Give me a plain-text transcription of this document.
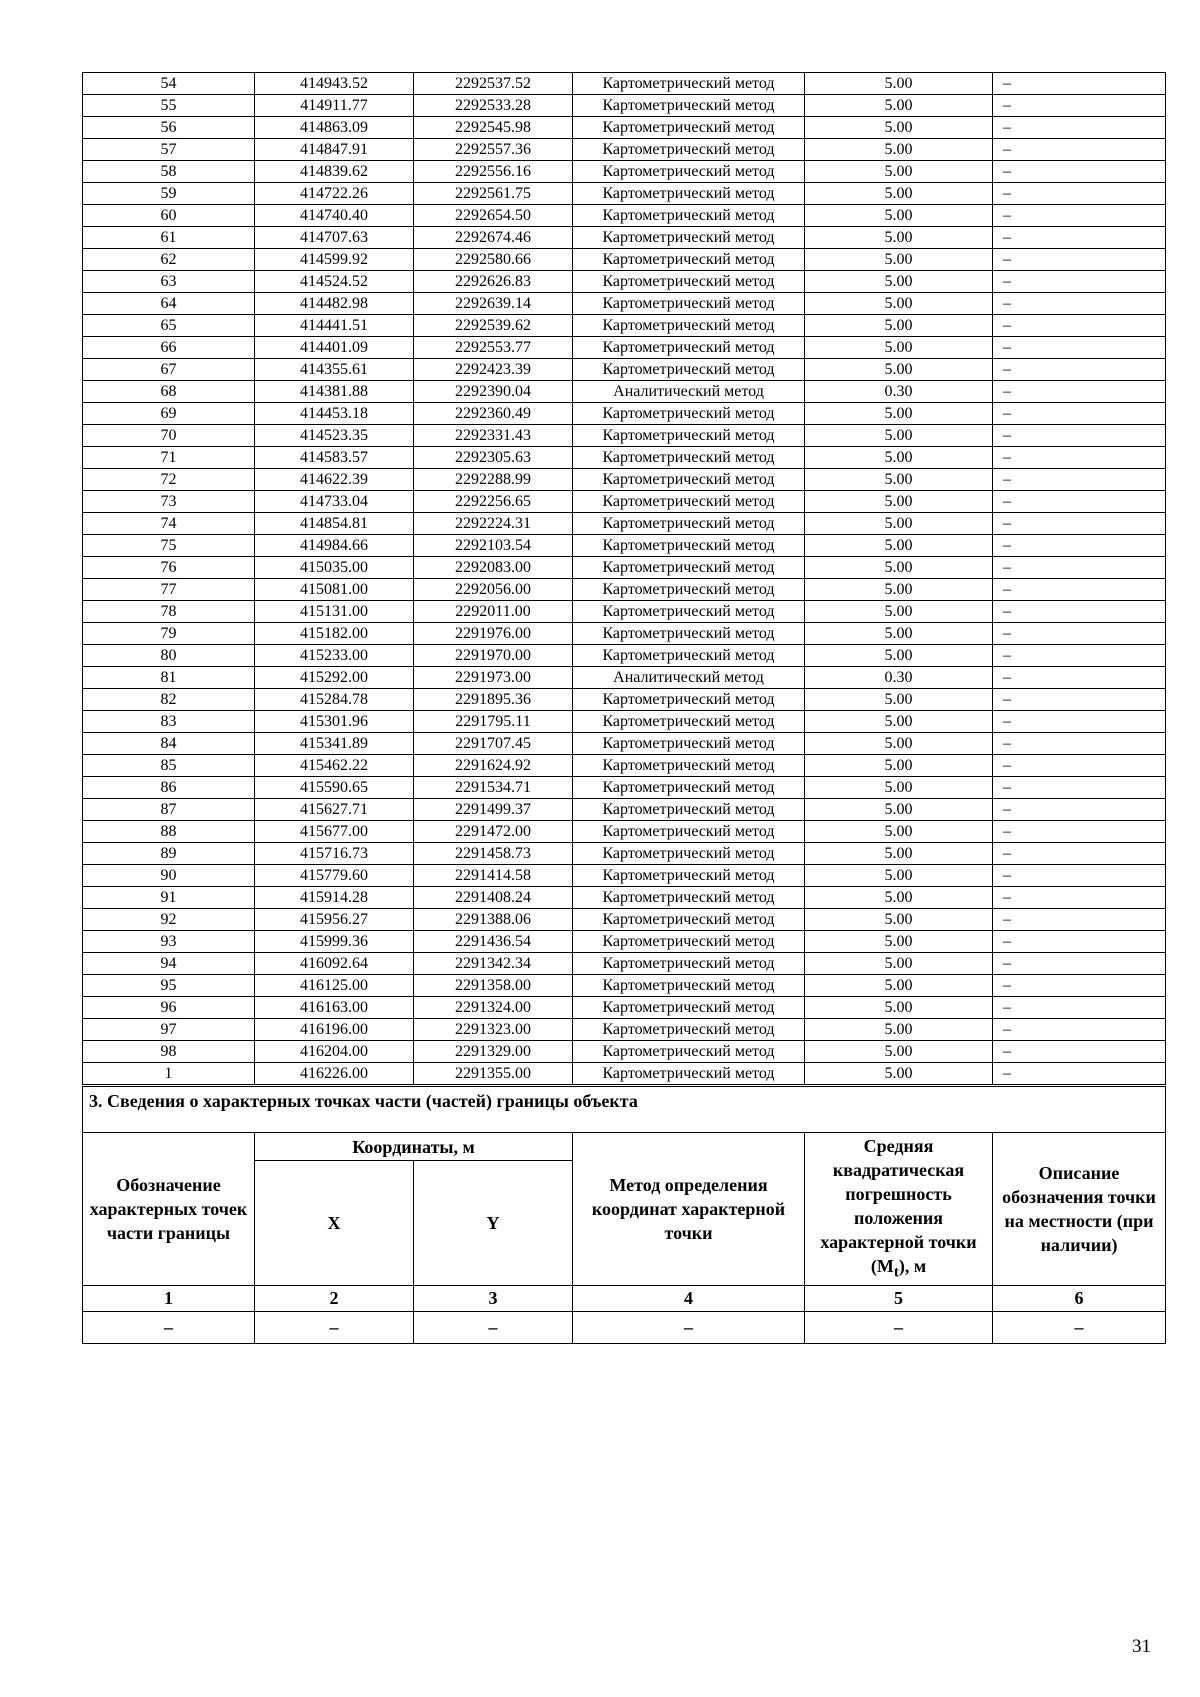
54	414943.52	2292537.52	Картометрический метод	5.00	–
55	414911.77	2292533.28	Картометрический метод	5.00	–
56	414863.09	2292545.98	Картометрический метод	5.00	–
57	414847.91	2292557.36	Картометрический метод	5.00	–
58	414839.62	2292556.16	Картометрический метод	5.00	–
59	414722.26	2292561.75	Картометрический метод	5.00	–
60	414740.40	2292654.50	Картометрический метод	5.00	–
61	414707.63	2292674.46	Картометрический метод	5.00	–
62	414599.92	2292580.66	Картометрический метод	5.00	–
63	414524.52	2292626.83	Картометрический метод	5.00	–
64	414482.98	2292639.14	Картометрический метод	5.00	–
65	414441.51	2292539.62	Картометрический метод	5.00	–
66	414401.09	2292553.77	Картометрический метод	5.00	–
67	414355.61	2292423.39	Картометрический метод	5.00	–
68	414381.88	2292390.04	Аналитический метод	0.30	–
69	414453.18	2292360.49	Картометрический метод	5.00	–
70	414523.35	2292331.43	Картометрический метод	5.00	–
71	414583.57	2292305.63	Картометрический метод	5.00	–
72	414622.39	2292288.99	Картометрический метод	5.00	–
73	414733.04	2292256.65	Картометрический метод	5.00	–
74	414854.81	2292224.31	Картометрический метод	5.00	–
75	414984.66	2292103.54	Картометрический метод	5.00	–
76	415035.00	2292083.00	Картометрический метод	5.00	–
77	415081.00	2292056.00	Картометрический метод	5.00	–
78	415131.00	2292011.00	Картометрический метод	5.00	–
79	415182.00	2291976.00	Картометрический метод	5.00	–
80	415233.00	2291970.00	Картометрический метод	5.00	–
81	415292.00	2291973.00	Аналитический метод	0.30	–
82	415284.78	2291895.36	Картометрический метод	5.00	–
83	415301.96	2291795.11	Картометрический метод	5.00	–
84	415341.89	2291707.45	Картометрический метод	5.00	–
85	415462.22	2291624.92	Картометрический метод	5.00	–
86	415590.65	2291534.71	Картометрический метод	5.00	–
87	415627.71	2291499.37	Картометрический метод	5.00	–
88	415677.00	2291472.00	Картометрический метод	5.00	–
89	415716.73	2291458.73	Картометрический метод	5.00	–
90	415779.60	2291414.58	Картометрический метод	5.00	–
91	415914.28	2291408.24	Картометрический метод	5.00	–
92	415956.27	2291388.06	Картометрический метод	5.00	–
93	415999.36	2291436.54	Картометрический метод	5.00	–
94	416092.64	2291342.34	Картометрический метод	5.00	–
95	416125.00	2291358.00	Картометрический метод	5.00	–
96	416163.00	2291324.00	Картометрический метод	5.00	–
97	416196.00	2291323.00	Картометрический метод	5.00	–
98	416204.00	2291329.00	Картометрический метод	5.00	–
1	416226.00	2291355.00	Картометрический метод	5.00	–
3. Сведения о характерных точках части (частей) границы объекта					
Обозначение характерных точек части границы	Координаты, м		Метод определения координат характерной точки	Средняя квадратическая погрешность положения характерной точки $(M_t)$, м	Описание обозначения точки на местности (при наличии)
	X	Y			
1	2	3	4	5	6
–	–	–	–	–	–
31
